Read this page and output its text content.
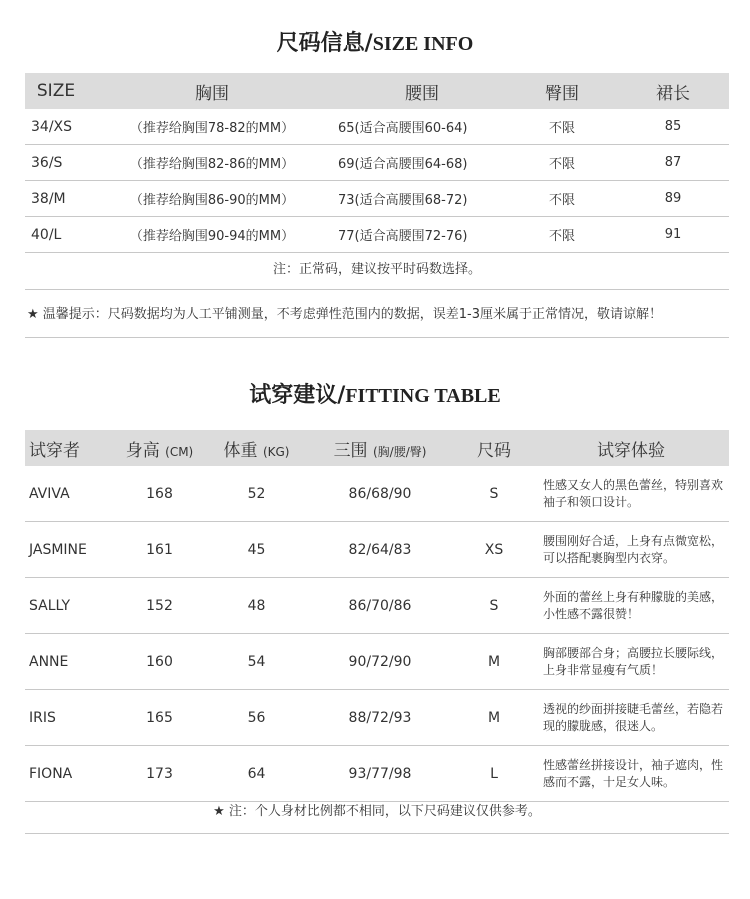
尺码信息/SIZE INFO
SIZE	胸围	腰围	臀围	裙长
34/XS	（推荐给胸围78-82的MM）	65(适合高腰围60-64)	不限	85
36/S	（推荐给胸围82-86的MM）	69(适合高腰围64-68)	不限	87
38/M	（推荐给胸围86-90的MM）	73(适合高腰围68-72)	不限	89
40/L	（推荐给胸围90-94的MM）	77(适合高腰围72-76)	不限	91
注：正常码，建议按平时码数选择。
★ 温馨提示：尺码数据均为人工平铺测量，不考虑弹性范围内的数据，误差1-3厘米属于正常情况，敬请谅解！
试穿建议/FITTING TABLE
试穿者	身高 (CM)	体重 (KG)	三围 (胸/腰/臀)	尺码	试穿体验
AVIVA	168	52	86/68/90	S	性感又女人的黑色蕾丝，特别喜欢袖子和领口设计。
JASMINE	161	45	82/64/83	XS	腰围刚好合适，上身有点微宽松，可以搭配裹胸型内衣穿。
SALLY	152	48	86/70/86	S	外面的蕾丝上身有种朦胧的美感，小性感不露很赞！
ANNE	160	54	90/72/90	M	胸部腰部合身；高腰拉长腰际线，上身非常显瘦有气质！
IRIS	165	56	88/72/93	M	透视的纱面拼接睫毛蕾丝，若隐若现的朦胧感，很迷人。
FIONA	173	64	93/77/98	L	性感蕾丝拼接设计，袖子遮肉，性感而不露，十足女人味。
★ 注：个人身材比例都不相同，以下尺码建议仅供参考。
